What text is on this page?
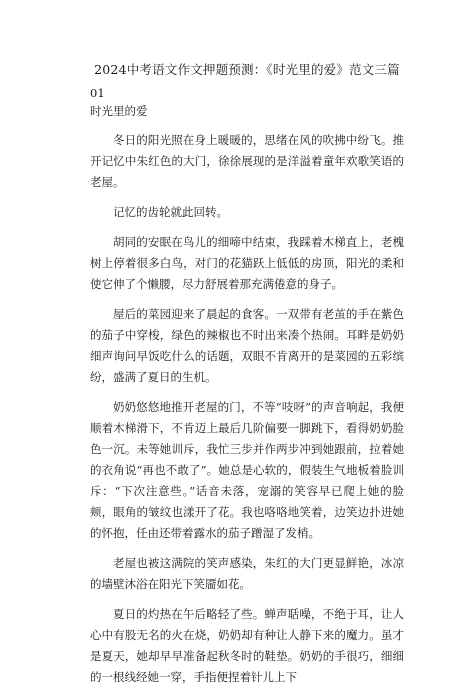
2024中考语文作文押题预测：《时光里的爱》范文三篇
01
时光里的爱

冬日的阳光照在身上暖暖的，思绪在风的吹拂中纷飞。推开记忆中朱红色的大门，徐徐展现的是洋溢着童年欢歌笑语的老屋。

记忆的齿轮就此回转。

胡同的安眠在鸟儿的细啼中结束，我踩着木梯直上，老槐树上停着很多白鸟，对门的花猫跃上低低的房顶，阳光的柔和使它伸了个懒腰，尽力舒展着那充满倦意的身子。

屋后的菜园迎来了晨起的食客。一双带有老茧的手在紫色的茄子中穿梭，绿色的辣椒也不时出来凑个热闹。耳畔是奶奶细声询问早饭吃什么的话题，双眼不肯离开的是菜园的五彩缤纷，盛满了夏日的生机。

奶奶悠悠地推开老屋的门，不等“吱呀”的声音响起，我便顺着木梯滑下，不肯迈上最后几阶偏要一脚跳下，看得奶奶脸色一沉。未等她训斥，我忙三步并作两步冲到她跟前，拉着她的衣角说“再也不敢了”。她总是心软的，假装生气地板着脸训斥：“下次注意些。”话音未落，宠溺的笑容早已爬上她的脸颊，眼角的皱纹也漾开了花。我也咯咯地笑着，边笑边扑进她的怀抱，任由还带着露水的茄子蹭湿了发梢。

老屋也被这满院的笑声感染，朱红的大门更显鲜艳，冰凉的墙壁沐浴在阳光下笑靥如花。

夏日的灼热在午后略轻了些。蝉声聒噪，不绝于耳，让人心中有股无名的火在烧，奶奶却有种让人静下来的魔力。虽才是夏天，她却早早准备起秋冬时的鞋垫。奶奶的手很巧，细细的一根线经她一穿，手指便捏着针儿上下
